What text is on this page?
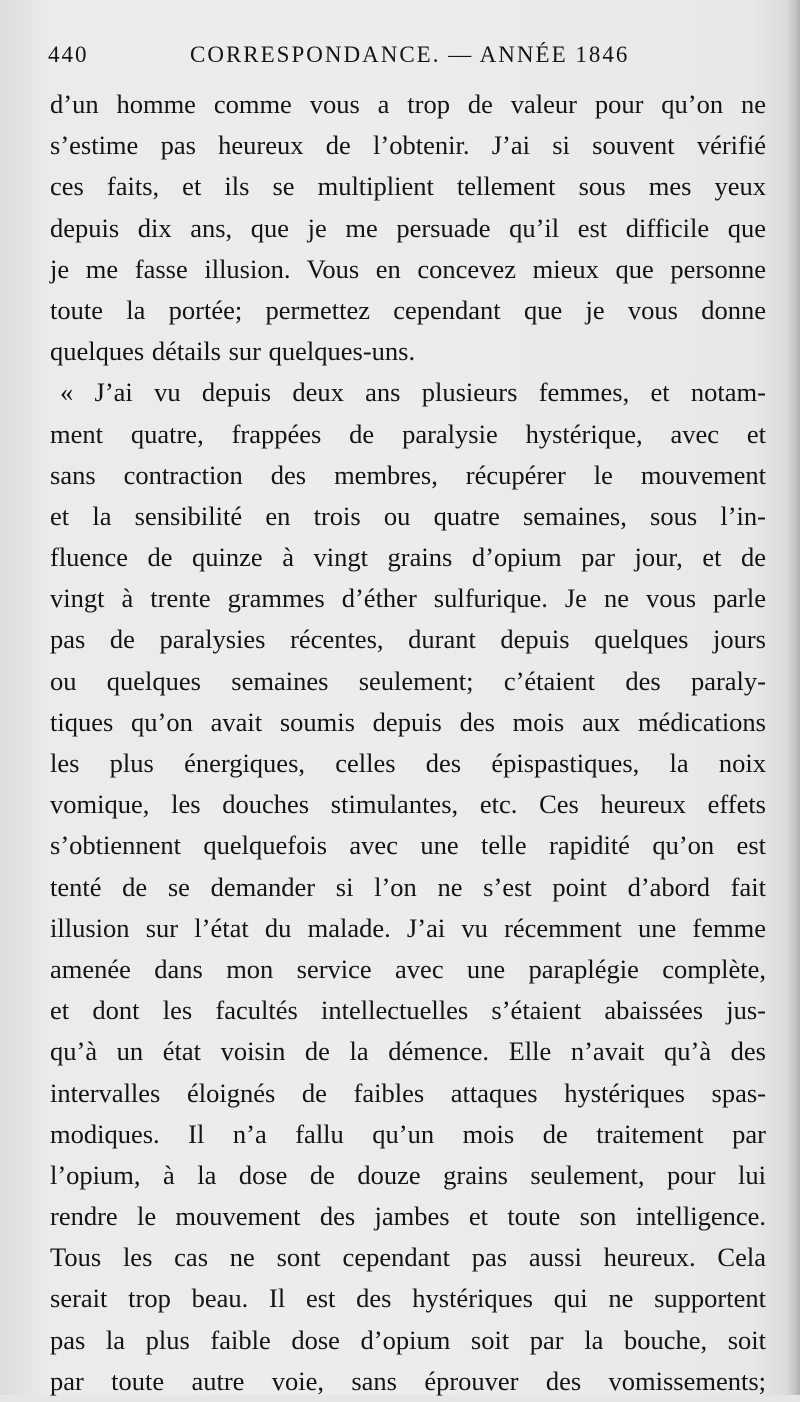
440	CORRESPONDANCE. — ANNÉE 1846
d’un homme comme vous a trop de valeur pour qu’on ne
s’estime pas heureux de l’obtenir. J’ai si souvent vérifié
ces faits, et ils se multiplient tellement sous mes yeux
depuis dix ans, que je me persuade qu’il est difficile que
je me fasse illusion. Vous en concevez mieux que personne
toute la portée; permettez cependant que je vous donne
quelques détails sur quelques-uns.
« J’ai vu depuis deux ans plusieurs femmes, et notam-
ment quatre, frappées de paralysie hystérique, avec et
sans contraction des membres, récupérer le mouvement
et la sensibilité en trois ou quatre semaines, sous l’in-
fluence de quinze à vingt grains d’opium par jour, et de
vingt à trente grammes d’éther sulfurique. Je ne vous parle
pas de paralysies récentes, durant depuis quelques jours
ou quelques semaines seulement; c’étaient des paraly-
tiques qu’on avait soumis depuis des mois aux médications
les plus énergiques, celles des épispastiques, la noix
vomique, les douches stimulantes, etc. Ces heureux effets
s’obtiennent quelquefois avec une telle rapidité qu’on est
tenté de se demander si l’on ne s’est point d’abord fait
illusion sur l’état du malade. J’ai vu récemment une femme
amenée dans mon service avec une paraplégie complète,
et dont les facultés intellectuelles s’étaient abaissées jus-
qu’à un état voisin de la démence. Elle n’avait qu’à des
intervalles éloignés de faibles attaques hystériques spas-
modiques. Il n’a fallu qu’un mois de traitement par
l’opium, à la dose de douze grains seulement, pour lui
rendre le mouvement des jambes et toute son intelligence.
Tous les cas ne sont cependant pas aussi heureux. Cela
serait trop beau. Il est des hystériques qui ne supportent
pas la plus faible dose d’opium soit par la bouche, soit
par toute autre voie, sans éprouver des vomissements;
